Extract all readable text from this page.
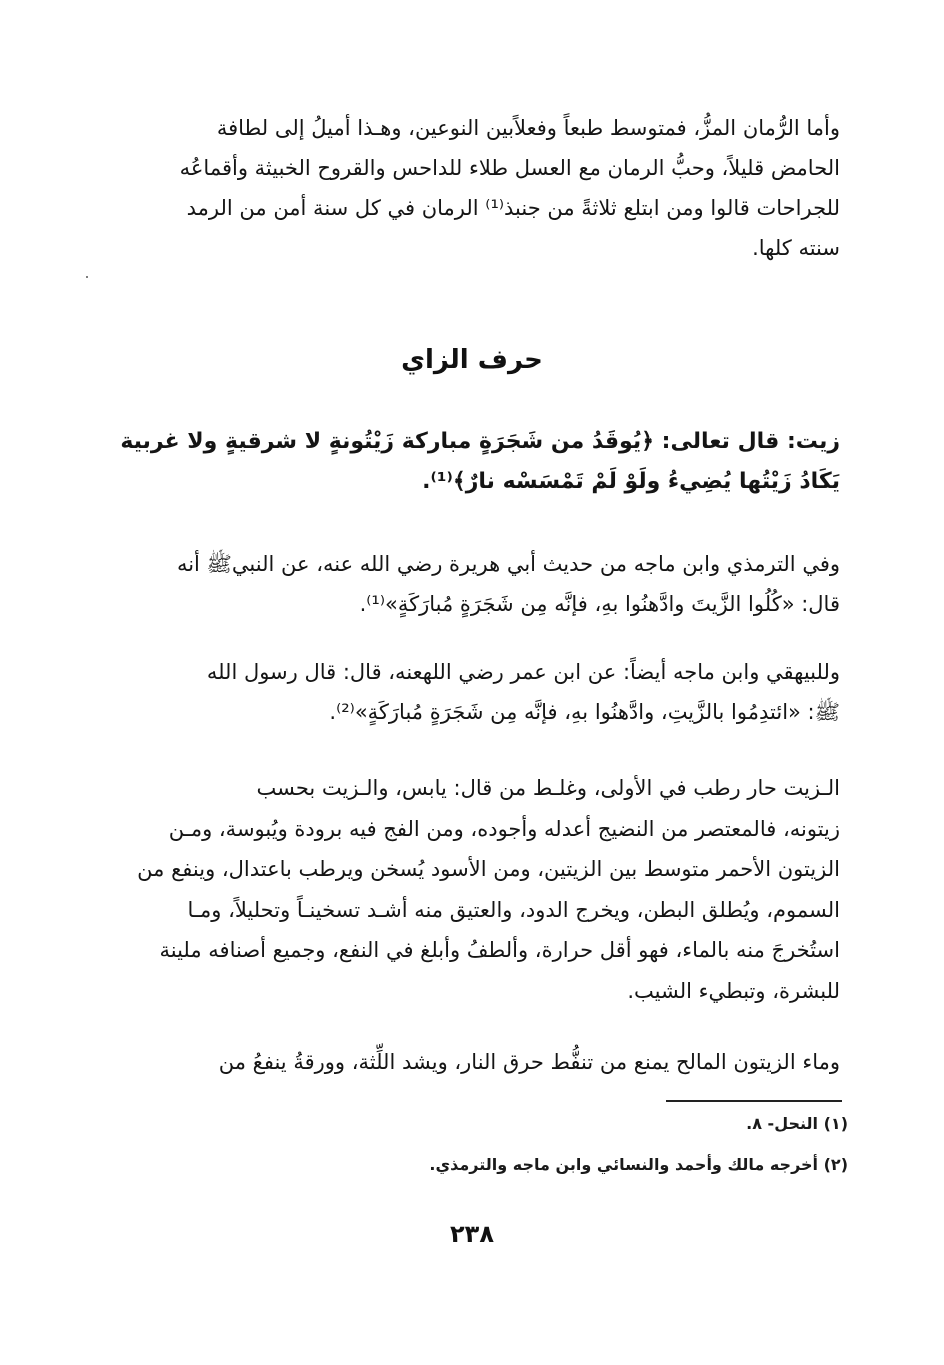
وأما الرُّمان المزُّ، فمتوسط طبعاً وفعلاًبين النوعين، وهـذا أميلُ إلى لطافة
الحامض قليلاً، وحبُّ الرمان مع العسل طلاء للداحس والقروح الخبيثة وأقماعُه
للجراحات قالوا ومن ابتلع ثلاثةً من جنبذ⁽¹⁾ الرمان في كل سنة أمن من الرمد
سنته كلها.
حرف الزاي
زيت: قال تعالى: ﴿يُوقَدُ من شَجَرَةٍ مباركة زَيْتُونةٍ لا شرقيةٍ ولا غربية
يَكَادُ زَيْتُها يُضِيءُ ولَوْ لَمْ تَمْسَسْه نارٌ﴾⁽¹⁾.
وفي الترمذي وابن ماجه من حديث أبي هريرة رضي الله عنه، عن النبيﷺ أنه
قال: «كُلُوا الزَّيتَ وادَّهنُوا بهِ، فإنَّه مِن شَجَرَةٍ مُبارَكَةٍ»⁽¹⁾.
وللبيهقي وابن ماجه أيضاً: عن ابن عمر رضي اللهعنه، قال: قال رسول الله
ﷺ: «ائتدِمُوا بالزَّيتِ، وادَّهنُوا بهِ، فإنَّه مِن شَجَرَةٍ مُبارَكَةٍ»⁽²⁾.
الـزيت حار رطب في الأولى، وغلـط من قال: يابس، والـزيت بحسب
زيتونه، فالمعتصر من النضيج أعدله وأجوده، ومن الفج فيه برودة ويُبوسة، ومـن
الزيتون الأحمر متوسط بين الزيتين، ومن الأسود يُسخن ويرطب باعتدال، وينفع من
السموم، ويُطلق البطن، ويخرج الدود، والعتيق منه أشـد تسخينـاً وتحليلاً، ومـا
استُخرجَ منه بالماء، فهو أقل حرارة، وألطفُ وأبلغ في النفع، وجميع أصنافه ملينة
للبشرة، وتبطيء الشيب.
وماء الزيتون المالح يمنع من تنفُّط حرق النار، ويشد اللِّثة، وورقةُ ينفعُ من
(١) النحل- ٨.
(٢) أخرجه مالك وأحمد والنسائي وابن ماجه والترمذي.
٢٣٨
